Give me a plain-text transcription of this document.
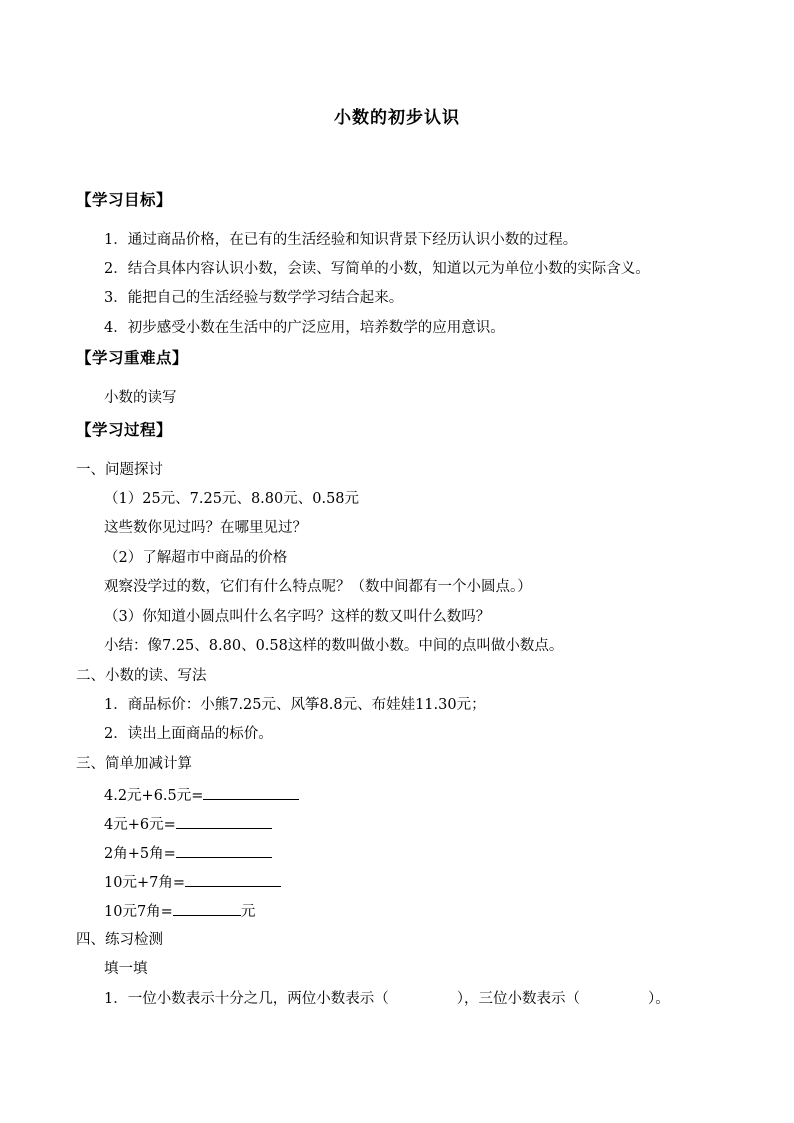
小数的初步认识
【学习目标】
1．通过商品价格，在已有的生活经验和知识背景下经历认识小数的过程。
2．结合具体内容认识小数，会读、写简单的小数，知道以元为单位小数的实际含义。
3．能把自己的生活经验与数学学习结合起来。
4．初步感受小数在生活中的广泛应用，培养数学的应用意识。
【学习重难点】
小数的读写
【学习过程】
一、问题探讨
（1）25元、7.25元、8.80元、0.58元
这些数你见过吗？在哪里见过？
（2）了解超市中商品的价格
观察没学过的数，它们有什么特点呢？（数中间都有一个小圆点。）
（3）你知道小圆点叫什么名字吗？这样的数又叫什么数吗？
小结：像7.25、8.80、0.58这样的数叫做小数。中间的点叫做小数点。
二、小数的读、写法
1．商品标价：小熊7.25元、风筝8.8元、布娃娃11.30元；
2．读出上面商品的标价。
三、简单加减计算
4.2元+6.5元=
4元+6元=
2角+5角=
10元+7角=
10元7角=	元
四、练习检测
填一填
1．一位小数表示十分之几，两位小数表示（	），三位小数表示（	）。
